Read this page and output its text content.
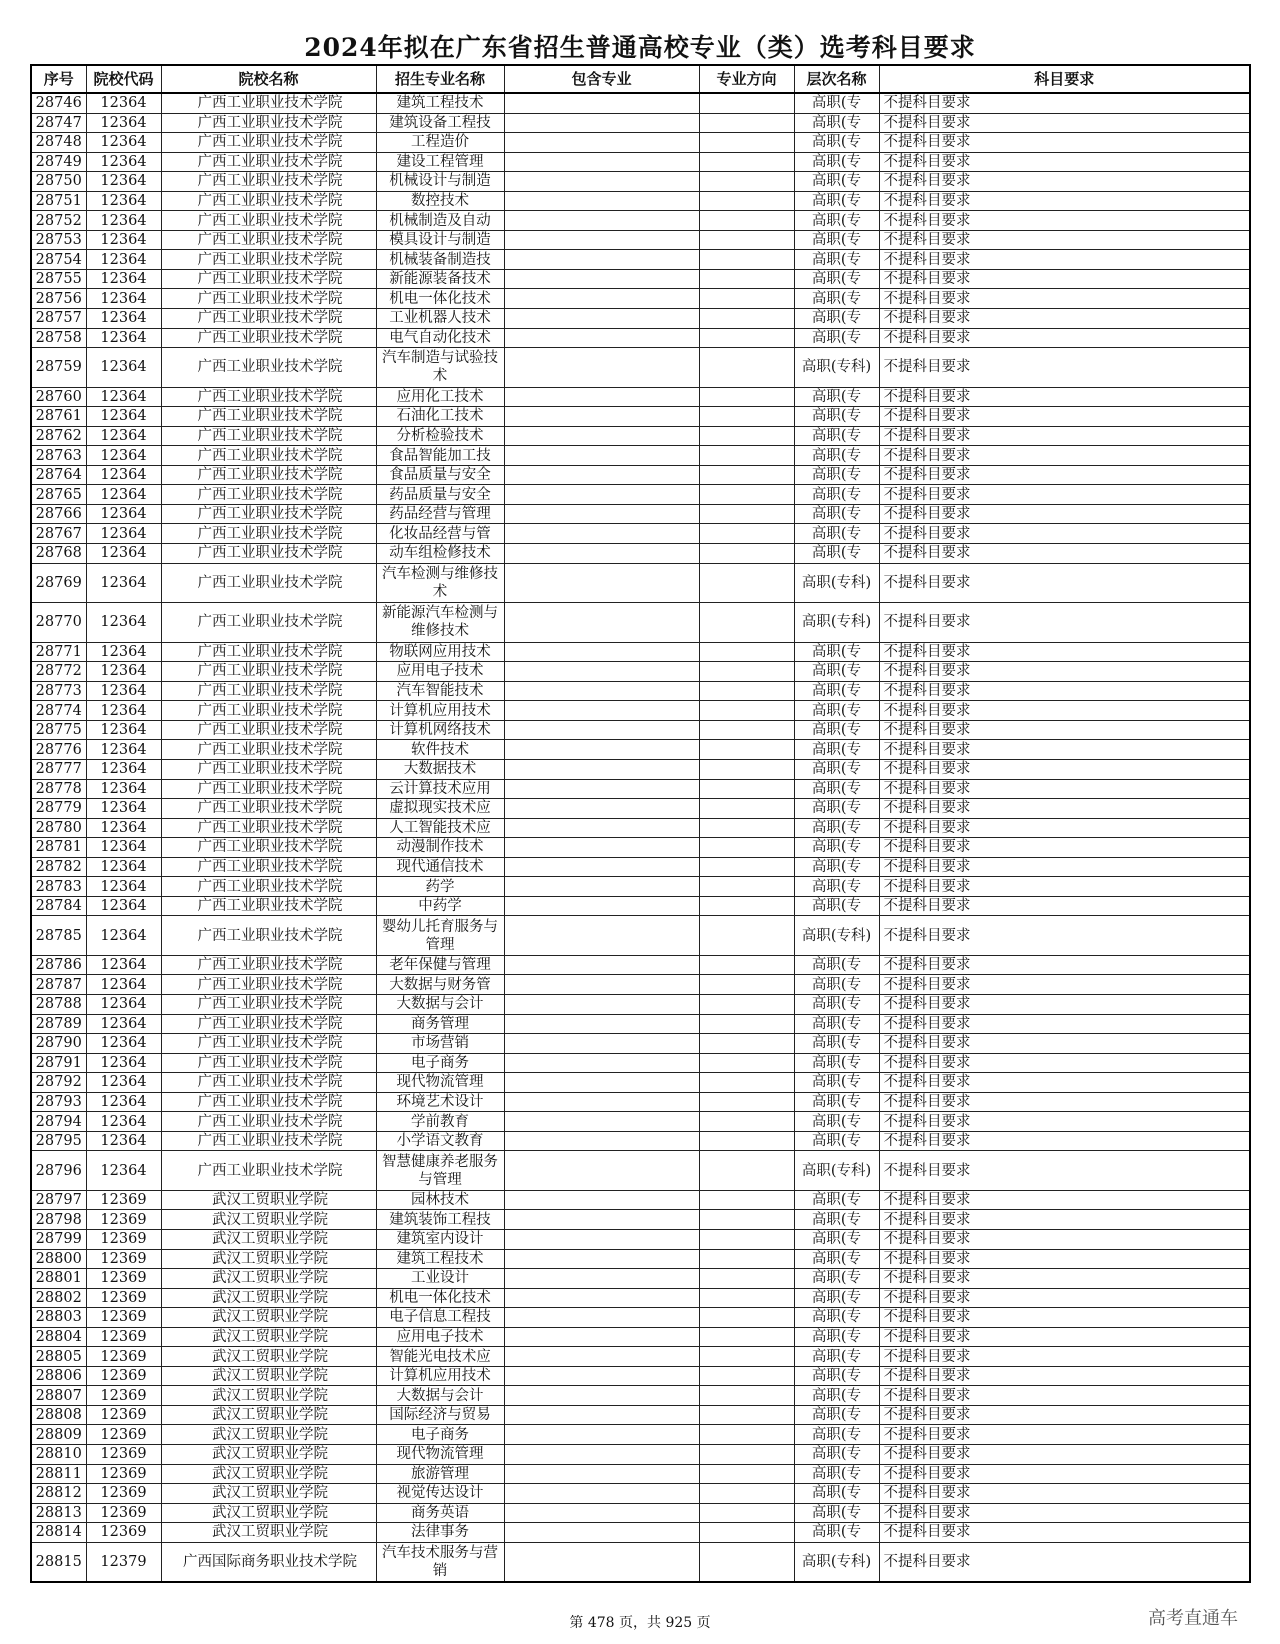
2024年拟在广东省招生普通高校专业（类）选考科目要求
序号	院校代码	院校名称	招生专业名称	包含专业	专业方向	层次名称	科目要求
28746	12364	广西工业职业技术学院	建筑工程技术			高职(专	不提科目要求
28747	12364	广西工业职业技术学院	建筑设备工程技			高职(专	不提科目要求
28748	12364	广西工业职业技术学院	工程造价			高职(专	不提科目要求
28749	12364	广西工业职业技术学院	建设工程管理			高职(专	不提科目要求
28750	12364	广西工业职业技术学院	机械设计与制造			高职(专	不提科目要求
28751	12364	广西工业职业技术学院	数控技术			高职(专	不提科目要求
28752	12364	广西工业职业技术学院	机械制造及自动			高职(专	不提科目要求
28753	12364	广西工业职业技术学院	模具设计与制造			高职(专	不提科目要求
28754	12364	广西工业职业技术学院	机械装备制造技			高职(专	不提科目要求
28755	12364	广西工业职业技术学院	新能源装备技术			高职(专	不提科目要求
28756	12364	广西工业职业技术学院	机电一体化技术			高职(专	不提科目要求
28757	12364	广西工业职业技术学院	工业机器人技术			高职(专	不提科目要求
28758	12364	广西工业职业技术学院	电气自动化技术			高职(专	不提科目要求
28759	12364	广西工业职业技术学院	汽车制造与试验技术			高职(专科)	不提科目要求
28760	12364	广西工业职业技术学院	应用化工技术			高职(专	不提科目要求
28761	12364	广西工业职业技术学院	石油化工技术			高职(专	不提科目要求
28762	12364	广西工业职业技术学院	分析检验技术			高职(专	不提科目要求
28763	12364	广西工业职业技术学院	食品智能加工技			高职(专	不提科目要求
28764	12364	广西工业职业技术学院	食品质量与安全			高职(专	不提科目要求
28765	12364	广西工业职业技术学院	药品质量与安全			高职(专	不提科目要求
28766	12364	广西工业职业技术学院	药品经营与管理			高职(专	不提科目要求
28767	12364	广西工业职业技术学院	化妆品经营与管			高职(专	不提科目要求
28768	12364	广西工业职业技术学院	动车组检修技术			高职(专	不提科目要求
28769	12364	广西工业职业技术学院	汽车检测与维修技术			高职(专科)	不提科目要求
28770	12364	广西工业职业技术学院	新能源汽车检测与维修技术			高职(专科)	不提科目要求
28771	12364	广西工业职业技术学院	物联网应用技术			高职(专	不提科目要求
28772	12364	广西工业职业技术学院	应用电子技术			高职(专	不提科目要求
28773	12364	广西工业职业技术学院	汽车智能技术			高职(专	不提科目要求
28774	12364	广西工业职业技术学院	计算机应用技术			高职(专	不提科目要求
28775	12364	广西工业职业技术学院	计算机网络技术			高职(专	不提科目要求
28776	12364	广西工业职业技术学院	软件技术			高职(专	不提科目要求
28777	12364	广西工业职业技术学院	大数据技术			高职(专	不提科目要求
28778	12364	广西工业职业技术学院	云计算技术应用			高职(专	不提科目要求
28779	12364	广西工业职业技术学院	虚拟现实技术应			高职(专	不提科目要求
28780	12364	广西工业职业技术学院	人工智能技术应			高职(专	不提科目要求
28781	12364	广西工业职业技术学院	动漫制作技术			高职(专	不提科目要求
28782	12364	广西工业职业技术学院	现代通信技术			高职(专	不提科目要求
28783	12364	广西工业职业技术学院	药学			高职(专	不提科目要求
28784	12364	广西工业职业技术学院	中药学			高职(专	不提科目要求
28785	12364	广西工业职业技术学院	婴幼儿托育服务与管理			高职(专科)	不提科目要求
28786	12364	广西工业职业技术学院	老年保健与管理			高职(专	不提科目要求
28787	12364	广西工业职业技术学院	大数据与财务管			高职(专	不提科目要求
28788	12364	广西工业职业技术学院	大数据与会计			高职(专	不提科目要求
28789	12364	广西工业职业技术学院	商务管理			高职(专	不提科目要求
28790	12364	广西工业职业技术学院	市场营销			高职(专	不提科目要求
28791	12364	广西工业职业技术学院	电子商务			高职(专	不提科目要求
28792	12364	广西工业职业技术学院	现代物流管理			高职(专	不提科目要求
28793	12364	广西工业职业技术学院	环境艺术设计			高职(专	不提科目要求
28794	12364	广西工业职业技术学院	学前教育			高职(专	不提科目要求
28795	12364	广西工业职业技术学院	小学语文教育			高职(专	不提科目要求
28796	12364	广西工业职业技术学院	智慧健康养老服务与管理			高职(专科)	不提科目要求
28797	12369	武汉工贸职业学院	园林技术			高职(专	不提科目要求
28798	12369	武汉工贸职业学院	建筑装饰工程技			高职(专	不提科目要求
28799	12369	武汉工贸职业学院	建筑室内设计			高职(专	不提科目要求
28800	12369	武汉工贸职业学院	建筑工程技术			高职(专	不提科目要求
28801	12369	武汉工贸职业学院	工业设计			高职(专	不提科目要求
28802	12369	武汉工贸职业学院	机电一体化技术			高职(专	不提科目要求
28803	12369	武汉工贸职业学院	电子信息工程技			高职(专	不提科目要求
28804	12369	武汉工贸职业学院	应用电子技术			高职(专	不提科目要求
28805	12369	武汉工贸职业学院	智能光电技术应			高职(专	不提科目要求
28806	12369	武汉工贸职业学院	计算机应用技术			高职(专	不提科目要求
28807	12369	武汉工贸职业学院	大数据与会计			高职(专	不提科目要求
28808	12369	武汉工贸职业学院	国际经济与贸易			高职(专	不提科目要求
28809	12369	武汉工贸职业学院	电子商务			高职(专	不提科目要求
28810	12369	武汉工贸职业学院	现代物流管理			高职(专	不提科目要求
28811	12369	武汉工贸职业学院	旅游管理			高职(专	不提科目要求
28812	12369	武汉工贸职业学院	视觉传达设计			高职(专	不提科目要求
28813	12369	武汉工贸职业学院	商务英语			高职(专	不提科目要求
28814	12369	武汉工贸职业学院	法律事务			高职(专	不提科目要求
28815	12379	广西国际商务职业技术学院	汽车技术服务与营销			高职(专科)	不提科目要求
第 478 页，共 925 页	高考直通车
